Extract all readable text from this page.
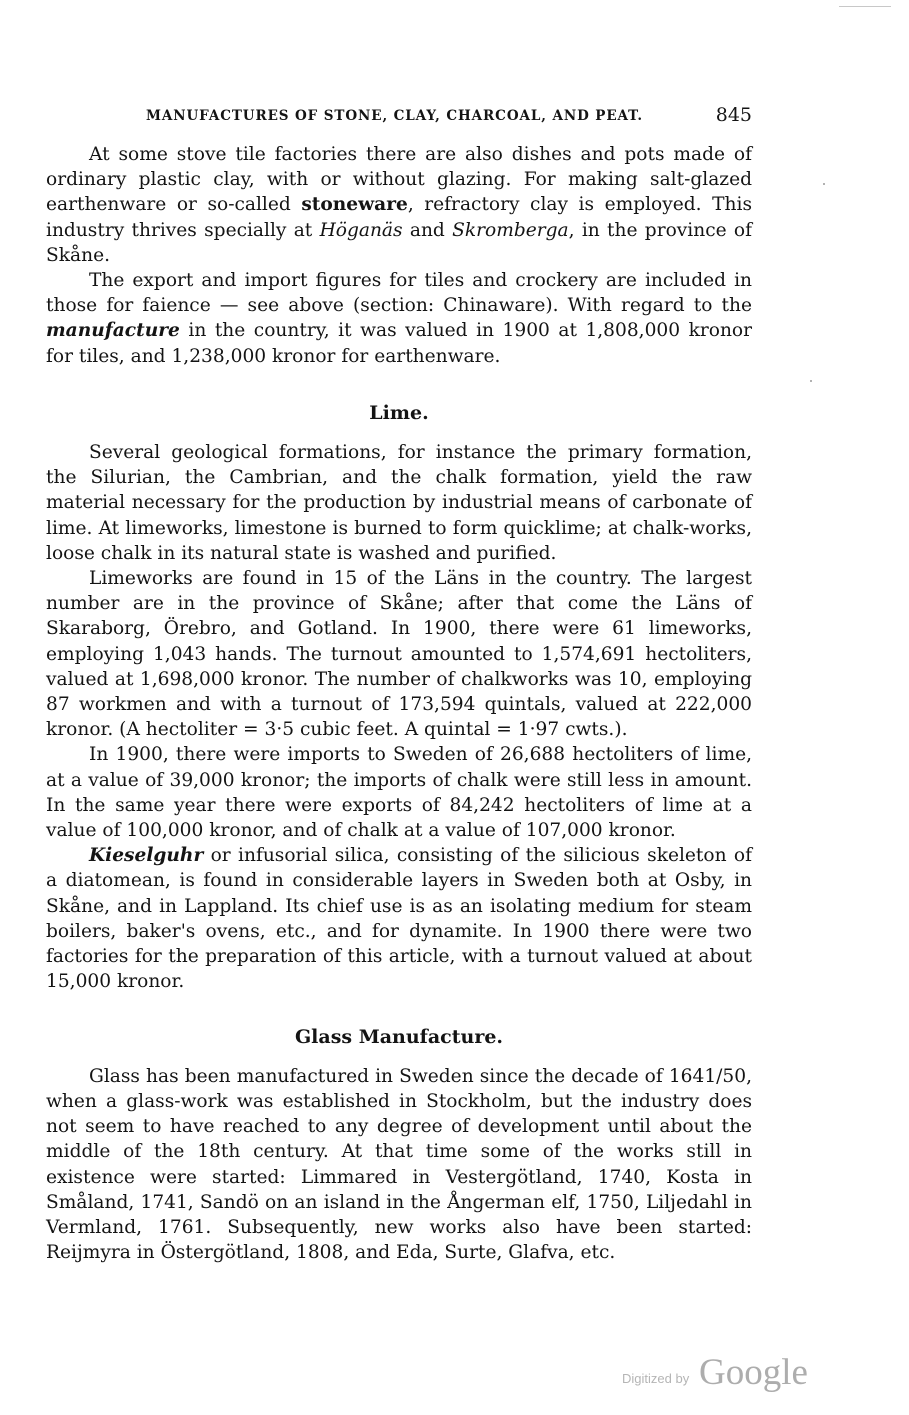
MANUFACTURES OF STONE, CLAY, CHARCOAL, AND PEAT.	845

At some stove tile factories there are also dishes and pots made of ordinary plastic clay, with or without glazing. For making salt-glazed earthenware or so-called stoneware, refractory clay is employed. This industry thrives specially at Höganäs and Skromberga, in the province of Skåne.

The export and import figures for tiles and crockery are included in those for faience — see above (section: Chinaware). With regard to the manufacture in the country, it was valued in 1900 at 1,808,000 kronor for tiles, and 1,238,000 kronor for earthenware.

Lime.

Several geological formations, for instance the primary formation, the Silurian, the Cambrian, and the chalk formation, yield the raw material necessary for the production by industrial means of carbonate of lime. At limeworks, limestone is burned to form quicklime; at chalk-works, loose chalk in its natural state is washed and purified.

Limeworks are found in 15 of the Läns in the country. The largest number are in the province of Skåne; after that come the Läns of Skaraborg, Örebro, and Gotland. In 1900, there were 61 limeworks, employing 1,043 hands. The turnout amounted to 1,574,691 hectoliters, valued at 1,698,000 kronor. The number of chalkworks was 10, employing 87 workmen and with a turnout of 173,594 quintals, valued at 222,000 kronor. (A hectoliter = 3·5 cubic feet. A quintal = 1·97 cwts.).

In 1900, there were imports to Sweden of 26,688 hectoliters of lime, at a value of 39,000 kronor; the imports of chalk were still less in amount. In the same year there were exports of 84,242 hectoliters of lime at a value of 100,000 kronor, and of chalk at a value of 107,000 kronor.

Kieselguhr or infusorial silica, consisting of the silicious skeleton of a diatomean, is found in considerable layers in Sweden both at Osby, in Skåne, and in Lappland. Its chief use is as an isolating medium for steam boilers, baker's ovens, etc., and for dynamite. In 1900 there were two factories for the preparation of this article, with a turnout valued at about 15,000 kronor.

Glass Manufacture.

Glass has been manufactured in Sweden since the decade of 1641/50, when a glass-work was established in Stockholm, but the industry does not seem to have reached to any degree of development until about the middle of the 18th century. At that time some of the works still in existence were started: Limmared in Vestergötland, 1740, Kosta in Småland, 1741, Sandö on an island in the Ångerman elf, 1750, Liljedahl in Vermland, 1761. Subsequently, new works also have been started: Reijmyra in Östergötland, 1808, and Eda, Surte, Glafva, etc.

Digitized by Google
